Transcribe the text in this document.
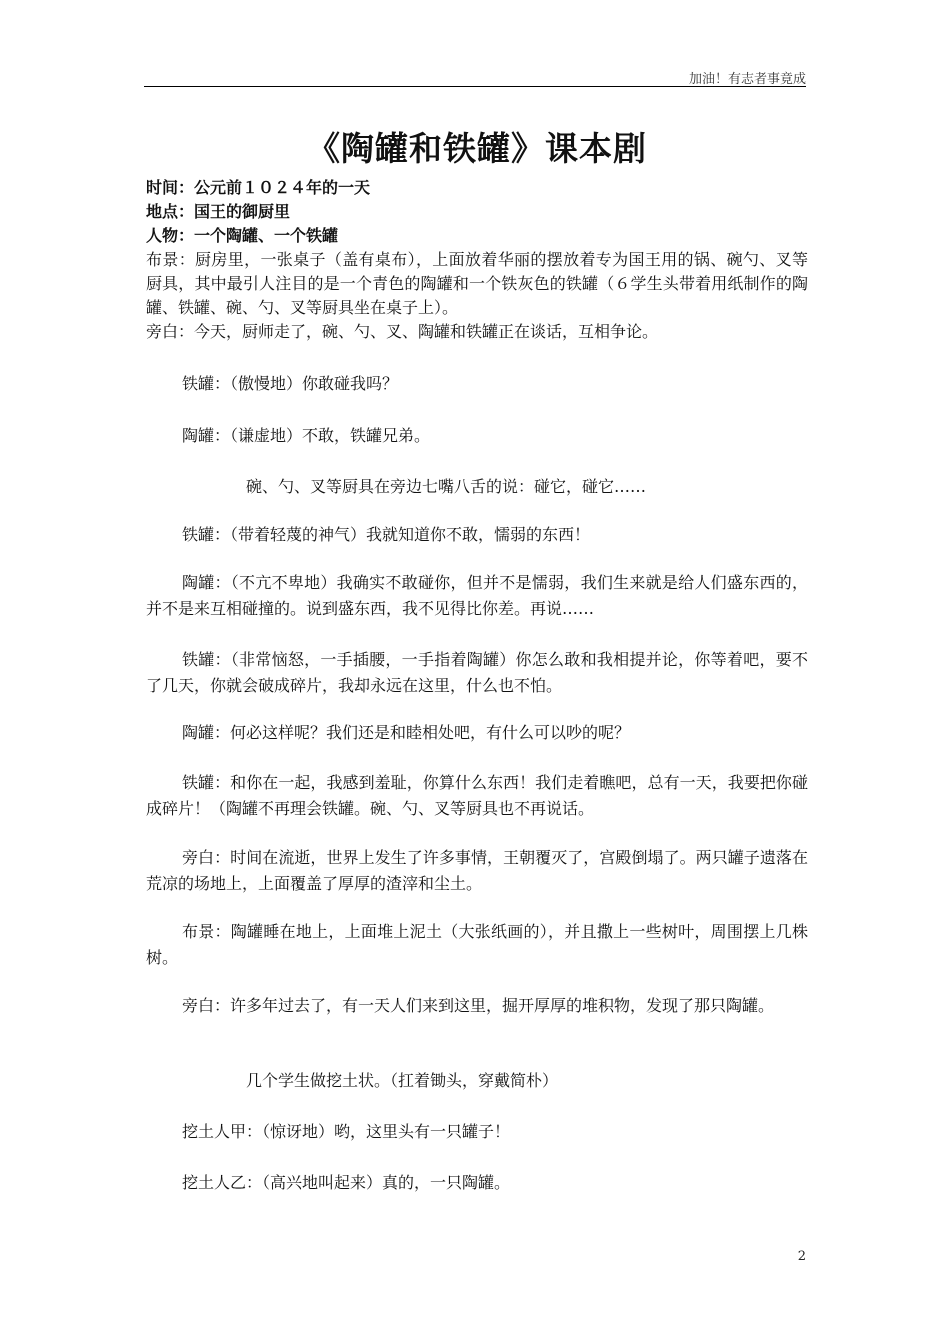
加油！有志者事竟成
《陶罐和铁罐》课本剧
时间：公元前１０２４年的一天
地点：国王的御厨里
人物：一个陶罐、一个铁罐
布景：厨房里，一张桌子（盖有桌布），上面放着华丽的摆放着专为国王用的锅、碗勺、叉等厨具，其中最引人注目的是一个青色的陶罐和一个铁灰色的铁罐（６学生头带着用纸制作的陶罐、铁罐、碗、勺、叉等厨具坐在桌子上）。
旁白：今天，厨师走了，碗、勺、叉、陶罐和铁罐正在谈话，互相争论。
铁罐：（傲慢地）你敢碰我吗？
陶罐：（谦虚地）不敢，铁罐兄弟。
碗、勺、叉等厨具在旁边七嘴八舌的说：碰它，碰它……
铁罐：（带着轻蔑的神气）我就知道你不敢，懦弱的东西！
陶罐：（不亢不卑地）我确实不敢碰你，但并不是懦弱，我们生来就是给人们盛东西的，并不是来互相碰撞的。说到盛东西，我不见得比你差。再说……
铁罐：（非常恼怒，一手插腰，一手指着陶罐）你怎么敢和我相提并论，你等着吧，要不了几天，你就会破成碎片，我却永远在这里，什么也不怕。
陶罐：何必这样呢？我们还是和睦相处吧，有什么可以吵的呢？
铁罐：和你在一起，我感到羞耻，你算什么东西！我们走着瞧吧，总有一天，我要把你碰成碎片！（陶罐不再理会铁罐。碗、勺、叉等厨具也不再说话。
旁白：时间在流逝，世界上发生了许多事情，王朝覆灭了，宫殿倒塌了。两只罐子遗落在荒凉的场地上，上面覆盖了厚厚的渣滓和尘土。
布景：陶罐睡在地上，上面堆上泥土（大张纸画的），并且撒上一些树叶，周围摆上几株树。
旁白：许多年过去了，有一天人们来到这里，掘开厚厚的堆积物，发现了那只陶罐。
几个学生做挖土状。（扛着锄头，穿戴简朴）
挖土人甲：（惊讶地）哟，这里头有一只罐子！
挖土人乙：（高兴地叫起来）真的，一只陶罐。
2
